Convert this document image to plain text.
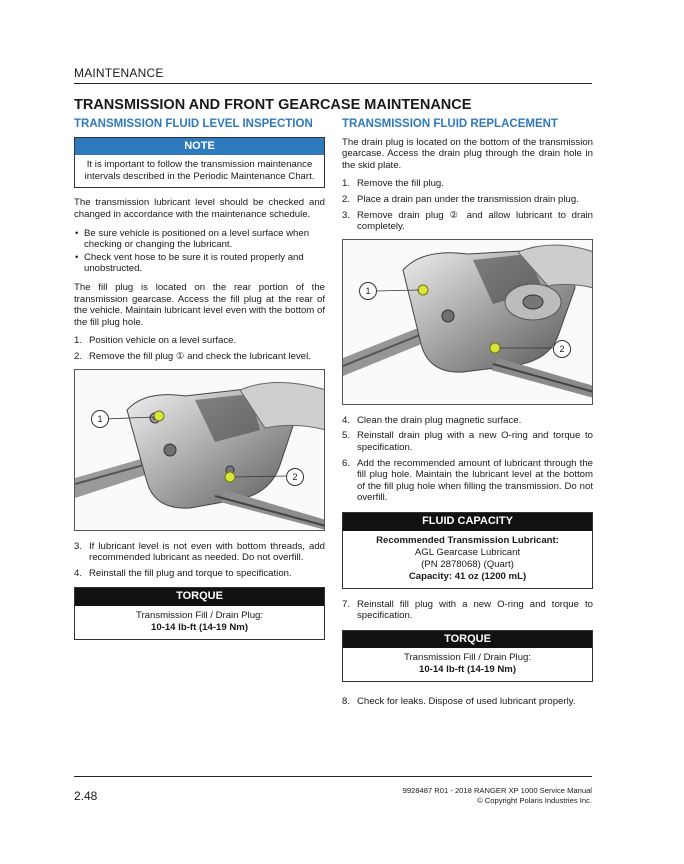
MAINTENANCE
TRANSMISSION AND FRONT GEARCASE MAINTENANCE
TRANSMISSION FLUID LEVEL INSPECTION
NOTE
It is important to follow the transmission maintenance intervals described in the Periodic Maintenance Chart.

The transmission lubricant level should be checked and changed in accordance with the maintenance schedule.

• Be sure vehicle is positioned on a level surface when checking or changing the lubricant.
• Check vent hose to be sure it is routed properly and unobstructed.

The fill plug is located on the rear portion of the transmission gearcase. Access the fill plug at the rear of the vehicle. Maintain lubricant level even with the bottom of the fill plug hole.

1. Position vehicle on a level surface.
2. Remove the fill plug ① and check the lubricant level.
1
2
3. If lubricant level is not even with bottom threads, add recommended lubricant as needed. Do not overfill.
4. Reinstall the fill plug and torque to specification.
TORQUE
Transmission Fill / Drain Plug:
10-14 lb-ft (14-19 Nm)
TRANSMISSION FLUID REPLACEMENT

The drain plug is located on the bottom of the transmission gearcase. Access the drain plug through the drain hole in the skid plate.

1. Remove the fill plug.
2. Place a drain pan under the transmission drain plug.
3. Remove drain plug ② and allow lubricant to drain completely.
1
2
4. Clean the drain plug magnetic surface.
5. Reinstall drain plug with a new O-ring and torque to specification.
6. Add the recommended amount of lubricant through the fill plug hole. Maintain the lubricant level at the bottom of the fill plug hole when filling the transmission. Do not overfill.
FLUID CAPACITY
Recommended Transmission Lubricant:
AGL Gearcase Lubricant
(PN 2878068) (Quart)
Capacity: 41 oz (1200 mL)
7. Reinstall fill plug with a new O-ring and torque to specification.
TORQUE
Transmission Fill / Drain Plug:
10-14 lb-ft (14-19 Nm)
8. Check for leaks. Dispose of used lubricant properly.
2.48	9928487 R01 - 2018 RANGER XP 1000 Service Manual
© Copyright Polaris Industries Inc.
